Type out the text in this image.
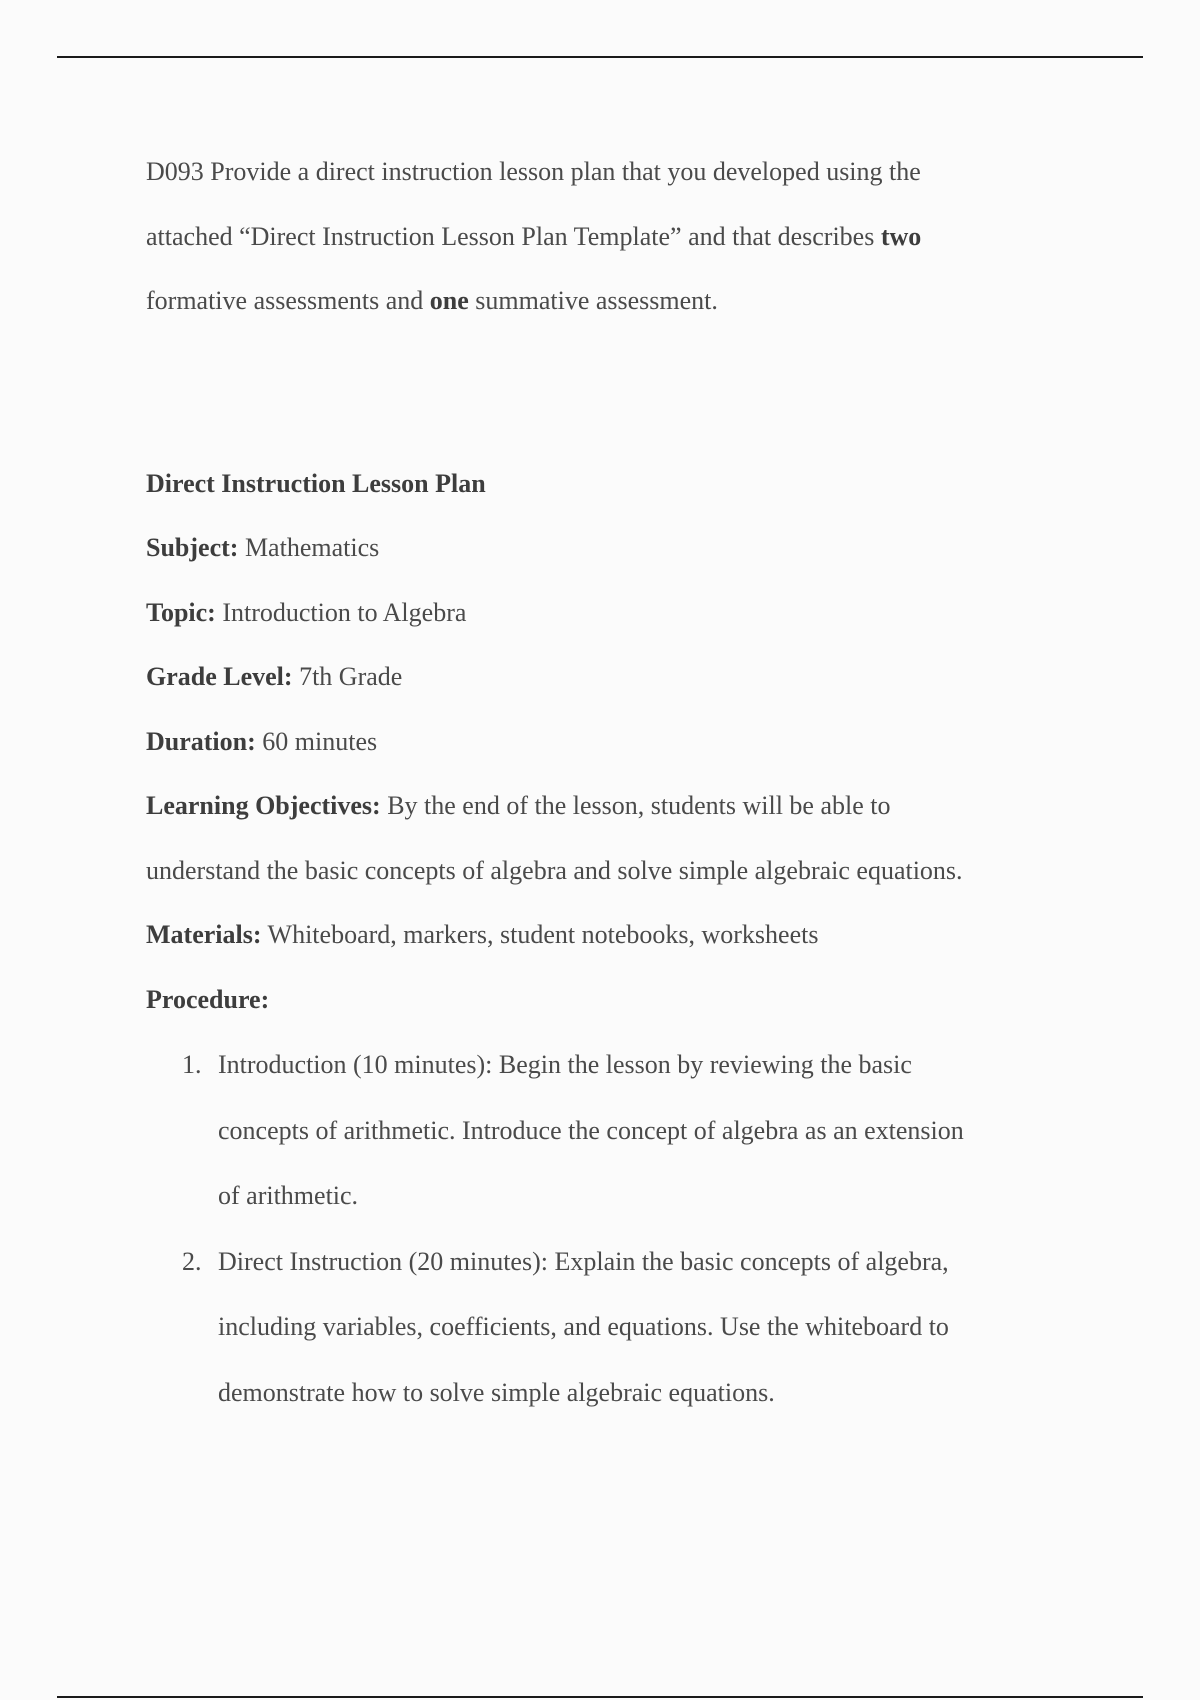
D093 Provide a direct instruction lesson plan that you developed using the

attached “Direct Instruction Lesson Plan Template” and that describes two

formative assessments and one summative assessment.

Direct Instruction Lesson Plan

Subject: Mathematics

Topic: Introduction to Algebra

Grade Level: 7th Grade

Duration: 60 minutes

Learning Objectives: By the end of the lesson, students will be able to

understand the basic concepts of algebra and solve simple algebraic equations.

Materials: Whiteboard, markers, student notebooks, worksheets

Procedure:

1. Introduction (10 minutes): Begin the lesson by reviewing the basic
concepts of arithmetic. Introduce the concept of algebra as an extension
of arithmetic.
2. Direct Instruction (20 minutes): Explain the basic concepts of algebra,
including variables, coefficients, and equations. Use the whiteboard to
demonstrate how to solve simple algebraic equations.
